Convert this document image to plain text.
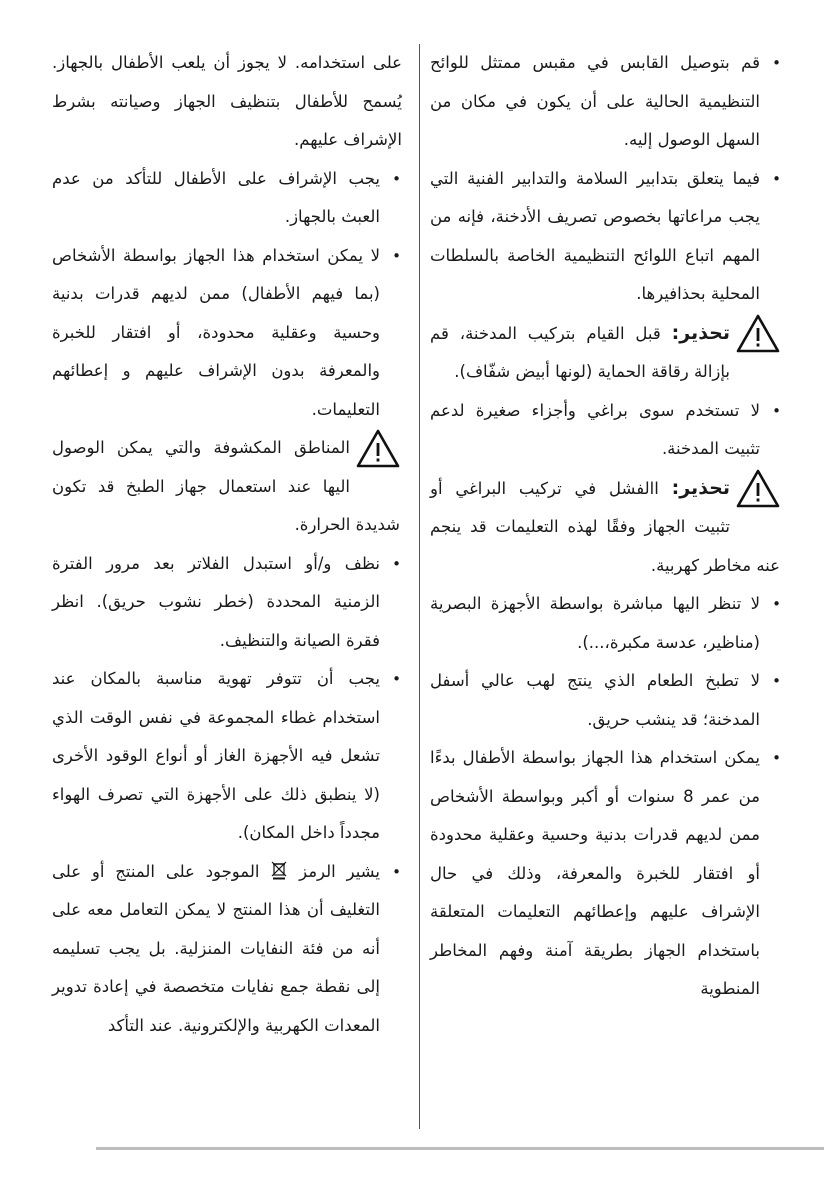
• قم بتوصيل القابس في مقبس ممتثل للوائح التنظيمية الحالية على أن يكون في مكان من السهل الوصول إليه.
• فيما يتعلق بتدابير السلامة والتدابير الفنية التي يجب مراعاتها بخصوص تصريف الأدخنة، فإنه من المهم اتباع اللوائح التنظيمية الخاصة بالسلطات المحلية بحذافيرها.
تحذير: قبل القيام بتركيب المدخنة، قم بإزالة رقاقة الحماية (لونها أبيض شفّاف).
• لا تستخدم سوى براغي وأجزاء صغيرة لدعم تثبيت المدخنة.
تحذير: االفشل في تركيب البراغي أو تثبيت الجهاز وفقًا لهذه التعليمات قد ينجم عنه مخاطر كهربية.
• لا تنظر اليها مباشرة بواسطة الأجهزة البصرية (مناظير، عدسة مكبرة،...).
• لا تطبخ الطعام الذي ينتج لهب عالي أسفل المدخنة؛ قد ينشب حريق.
• يمكن استخدام هذا الجهاز بواسطة الأطفال بدءًا من عمر 8 سنوات أو أكبر وبواسطة الأشخاص ممن لديهم قدرات بدنية وحسية وعقلية محدودة أو افتقار للخبرة والمعرفة، وذلك في حال الإشراف عليهم وإعطائهم التعليمات المتعلقة باستخدام الجهاز بطريقة آمنة وفهم المخاطر المنطوية

على استخدامه. لا يجوز أن يلعب الأطفال بالجهاز. يُسمح للأطفال بتنظيف الجهاز وصيانته بشرط الإشراف عليهم.

• يجب الإشراف على الأطفال للتأكد من عدم العبث بالجهاز.
• لا يمكن استخدام هذا الجهاز بواسطة الأشخاص (بما فيهم الأطفال) ممن لديهم قدرات بدنية وحسية وعقلية محدودة، أو افتقار للخبرة والمعرفة بدون الإشراف عليهم و إعطائهم التعليمات.
المناطق المكشوفة والتي يمكن الوصول اليها عند استعمال جهاز الطبخ قد تكون شديدة الحرارة.
• نظف و/أو استبدل الفلاتر بعد مرور الفترة الزمنية المحددة (خطر نشوب حريق). انظر فقرة الصيانة والتنظيف.
• يجب أن تتوفر تهوية مناسبة بالمكان عند استخدام غطاء المجموعة في نفس الوقت الذي تشعل فيه الأجهزة الغاز أو أنواع الوقود الأخرى (لا ينطبق ذلك على الأجهزة التي تصرف الهواء مجدداً داخل المكان).
• يشير الرمز  الموجود على المنتج أو على التغليف أن هذا المنتج لا يمكن التعامل معه على أنه من فئة النفايات المنزلية. بل يجب تسليمه إلى نقطة جمع نفايات متخصصة في إعادة تدوير المعدات الكهربية والإلكترونية. عند التأكد
